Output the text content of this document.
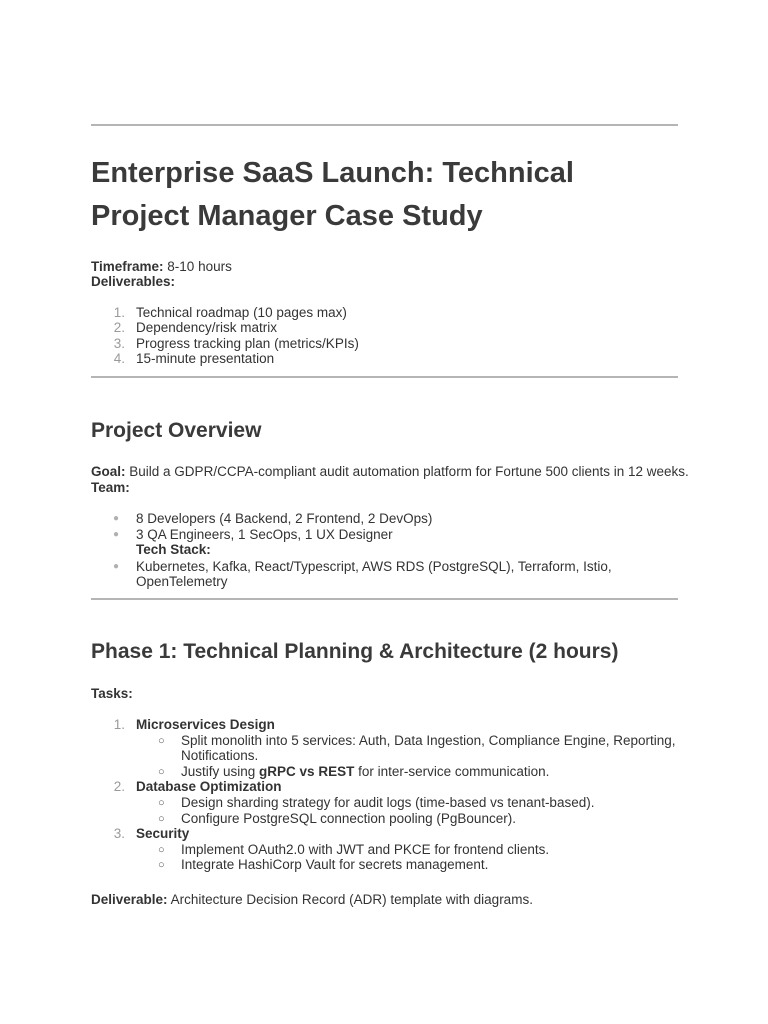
Enterprise SaaS Launch: Technical Project Manager Case Study
Timeframe: 8-10 hours
Deliverables:
1. Technical roadmap (10 pages max)
2. Dependency/risk matrix
3. Progress tracking plan (metrics/KPIs)
4. 15-minute presentation
Project Overview
Goal: Build a GDPR/CCPA-compliant audit automation platform for Fortune 500 clients in 12 weeks.
Team:
● 8 Developers (4 Backend, 2 Frontend, 2 DevOps)
● 3 QA Engineers, 1 SecOps, 1 UX Designer
Tech Stack:
● Kubernetes, Kafka, React/Typescript, AWS RDS (PostgreSQL), Terraform, Istio,
OpenTelemetry
Phase 1: Technical Planning & Architecture (2 hours)
Tasks:
1. Microservices Design
○ Split monolith into 5 services: Auth, Data Ingestion, Compliance Engine, Reporting,
Notifications.
○ Justify using gRPC vs REST for inter-service communication.
2. Database Optimization
○ Design sharding strategy for audit logs (time-based vs tenant-based).
○ Configure PostgreSQL connection pooling (PgBouncer).
3. Security
○ Implement OAuth2.0 with JWT and PKCE for frontend clients.
○ Integrate HashiCorp Vault for secrets management.
Deliverable: Architecture Decision Record (ADR) template with diagrams.
